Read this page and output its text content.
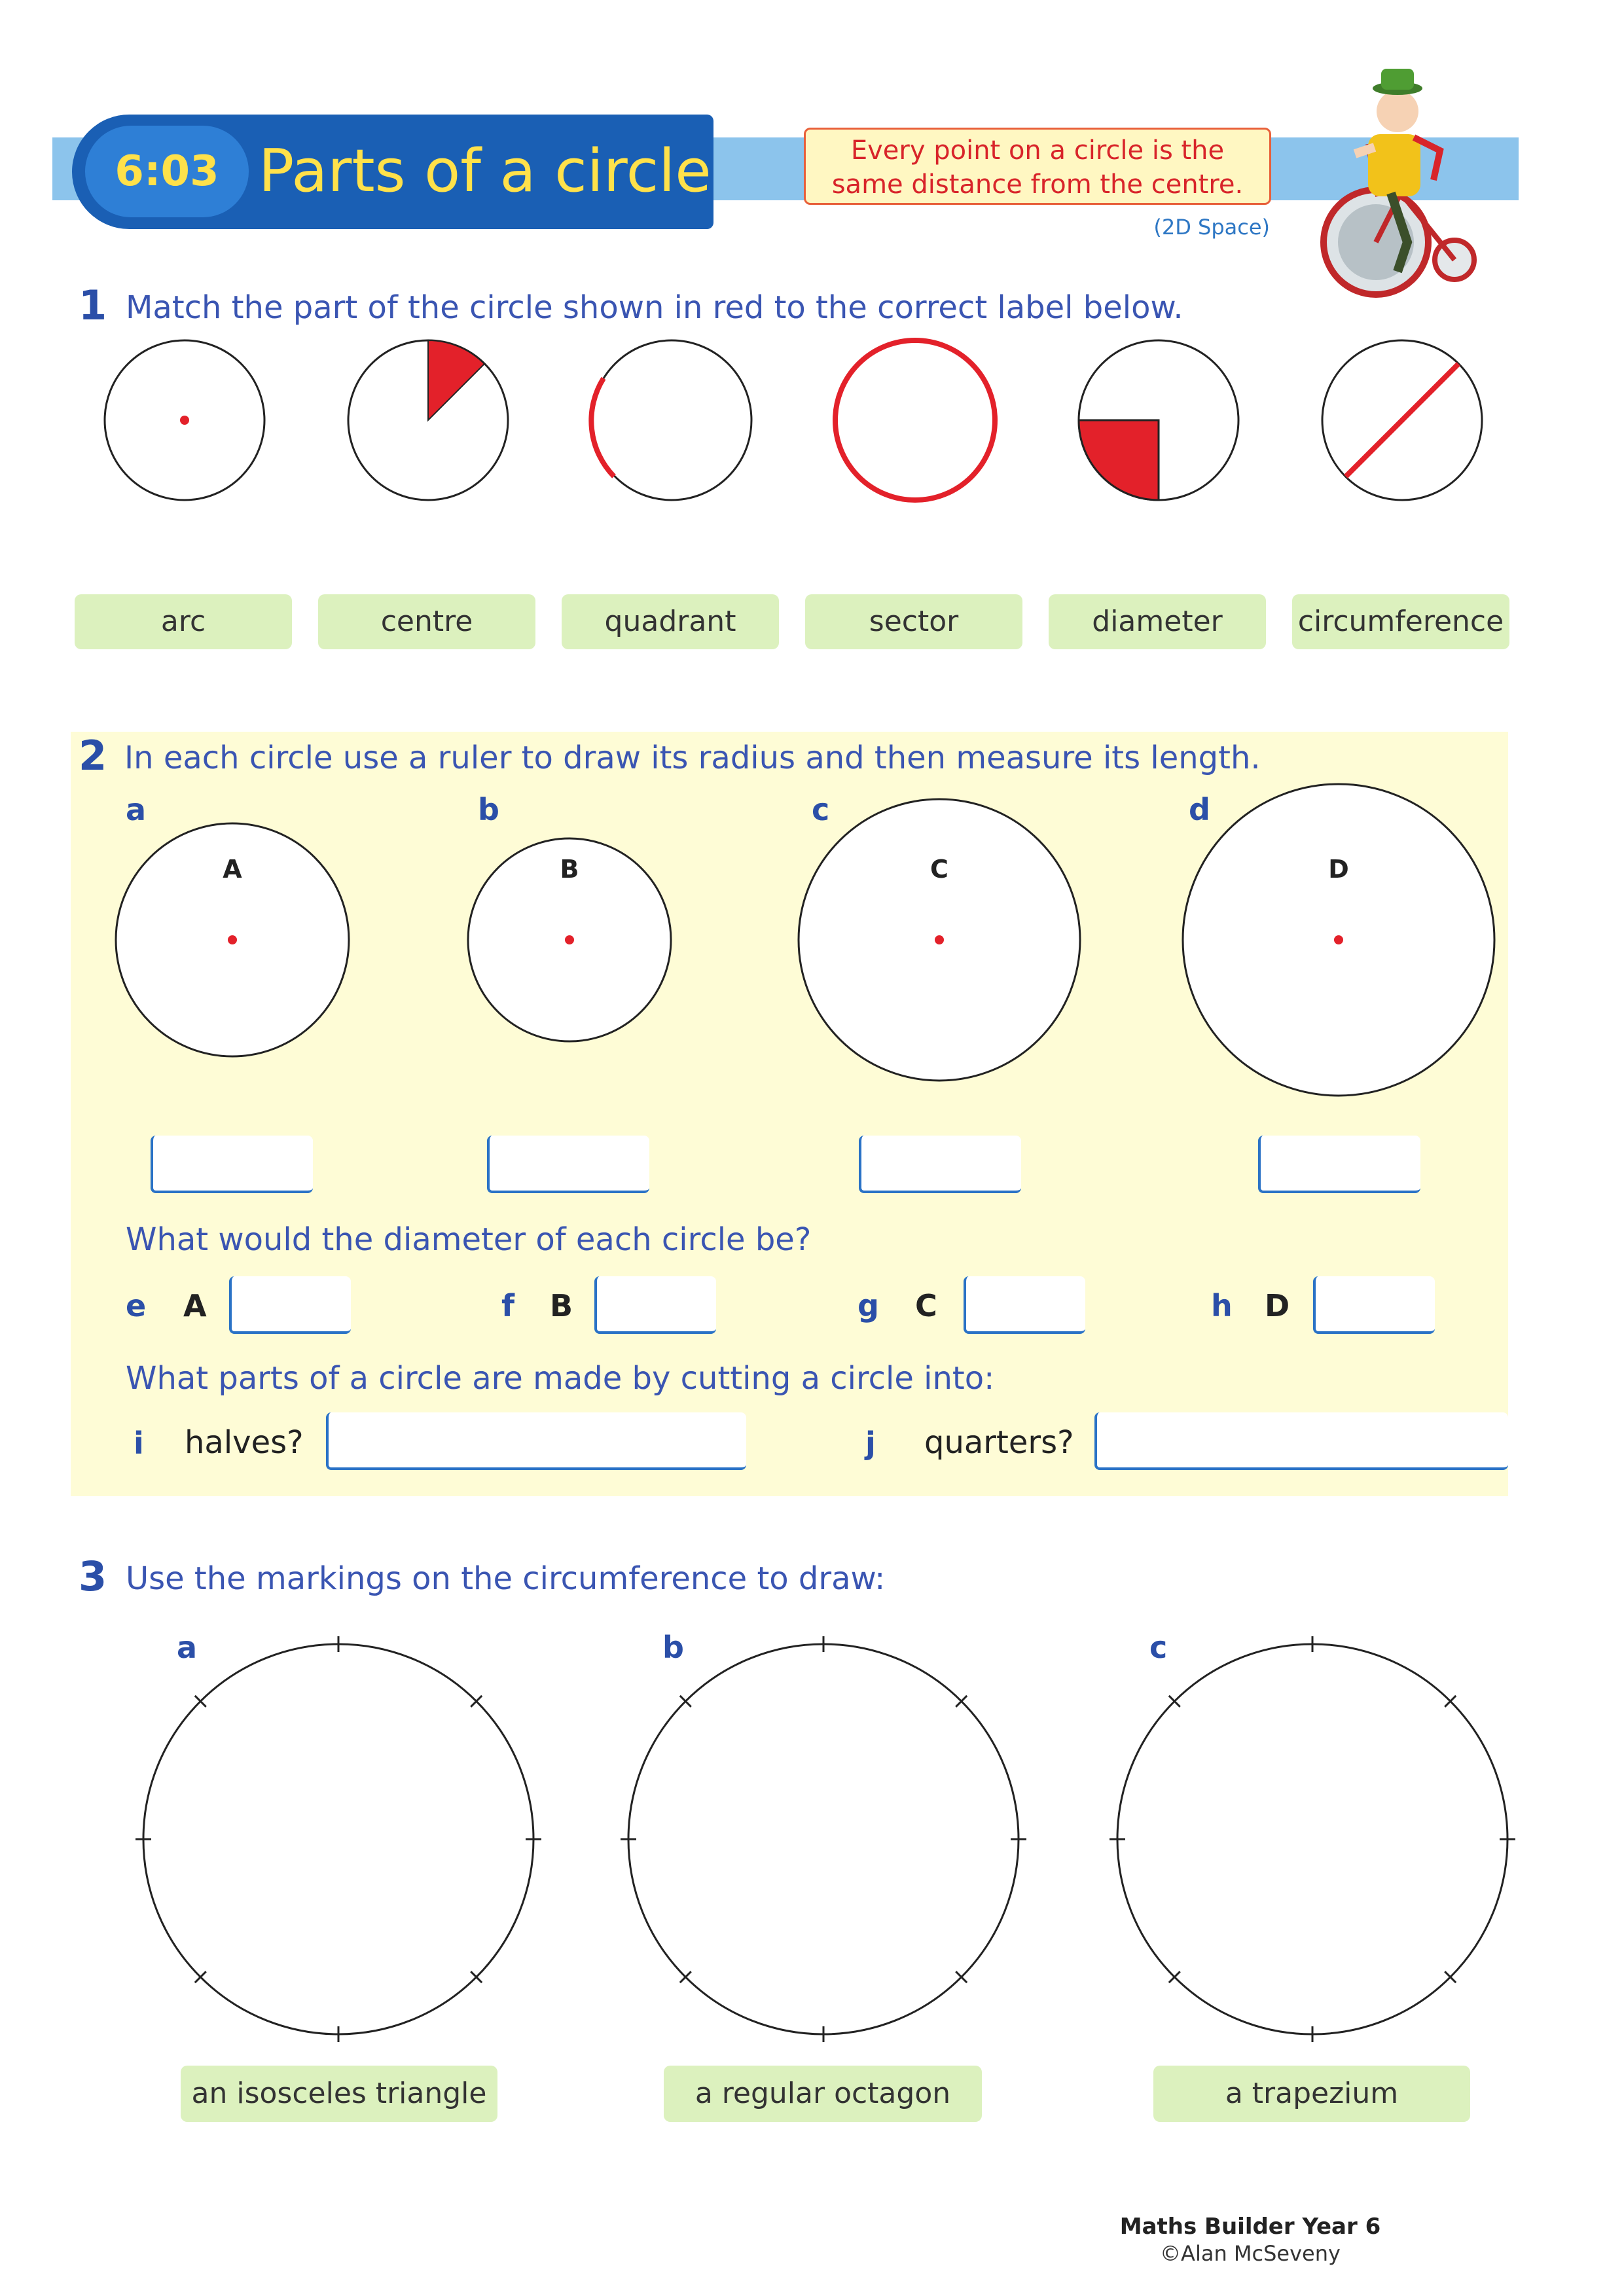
6:03 Parts of a circle	Every point on a circle is the
same distance from the centre.
(2D Space)
1 Match the part of the circle shown in red to the correct label below.
arc	centre	quadrant	sector	diameter	circumference
2 In each circle use a ruler to draw its radius and then measure its length.
a	b	c	d
A	B	C	D
What would the diameter of each circle be?
e A	f B	g C	h D
What parts of a circle are made by cutting a circle into:
i halves?	j quarters?
3 Use the markings on the circumference to draw:
a	b	c
an isosceles triangle	a regular octagon	a trapezium
Maths Builder Year 6
©Alan McSeveny
